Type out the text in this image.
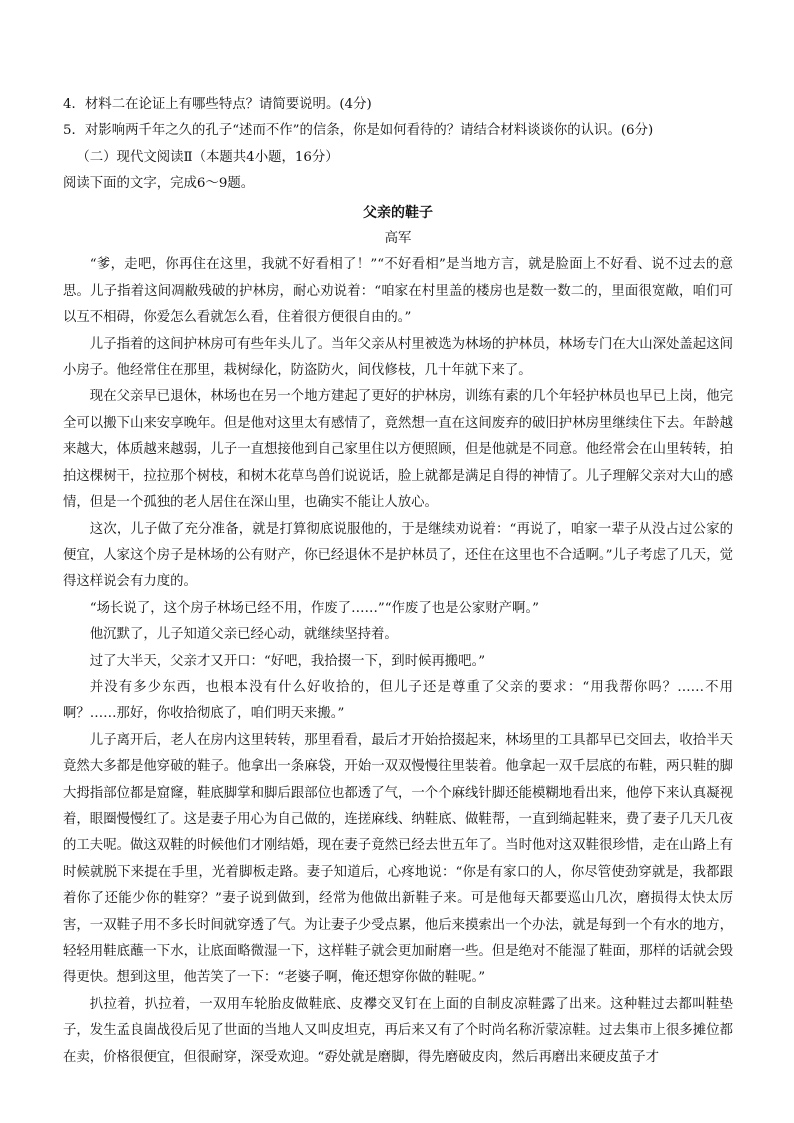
4．材料二在论证上有哪些特点？请简要说明。(4分)
5．对影响两千年之久的孔子“述而不作”的信条，你是如何看待的？请结合材料谈谈你的认识。(6分)
（二）现代文阅读Ⅱ（本题共4小题，16分）
阅读下面的文字，完成6～9题。
父亲的鞋子
高军
“爹，走吧，你再住在这里，我就不好看相了！”“不好看相”是当地方言，就是脸面上不好看、说不过去的意思。儿子指着这间凋敝残破的护林房，耐心劝说着：“咱家在村里盖的楼房也是数一数二的，里面很宽敞，咱们可以互不相碍，你爱怎么看就怎么看，住着很方便很自由的。”
儿子指着的这间护林房可有些年头儿了。当年父亲从村里被选为林场的护林员，林场专门在大山深处盖起这间小房子。他经常住在那里，栽树绿化，防盗防火，间伐修枝，几十年就下来了。
现在父亲早已退休，林场也在另一个地方建起了更好的护林房，训练有素的几个年轻护林员也早已上岗，他完全可以搬下山来安享晚年。但是他对这里太有感情了，竟然想一直在这间废弃的破旧护林房里继续住下去。年龄越来越大，体质越来越弱，儿子一直想接他到自己家里住以方便照顾，但是他就是不同意。他经常会在山里转转，拍拍这棵树干，拉拉那个树枝，和树木花草鸟兽们说说话，脸上就都是满足自得的神情了。儿子理解父亲对大山的感情，但是一个孤独的老人居住在深山里，也确实不能让人放心。
这次，儿子做了充分准备，就是打算彻底说服他的，于是继续劝说着：“再说了，咱家一辈子从没占过公家的便宜，人家这个房子是林场的公有财产，你已经退休不是护林员了，还住在这里也不合适啊。”儿子考虑了几天，觉得这样说会有力度的。
“场长说了，这个房子林场已经不用，作废了……”“作废了也是公家财产啊。”
他沉默了，儿子知道父亲已经心动，就继续坚持着。
过了大半天，父亲才又开口：“好吧，我拾掇一下，到时候再搬吧。”
并没有多少东西，也根本没有什么好收拾的，但儿子还是尊重了父亲的要求：“用我帮你吗？……不用啊？……那好，你收拾彻底了，咱们明天来搬。”
儿子离开后，老人在房内这里转转，那里看看，最后才开始拾掇起来，林场里的工具都早已交回去，收拾半天竟然大多都是他穿破的鞋子。他拿出一条麻袋，开始一双双慢慢往里装着。他拿起一双千层底的布鞋，两只鞋的脚大拇指部位都是窟窿，鞋底脚掌和脚后跟部位也都透了气，一个个麻线针脚还能模糊地看出来，他停下来认真凝视着，眼圈慢慢红了。这是妻子用心为自己做的，连搓麻线、纳鞋底、做鞋帮，一直到绱起鞋来，费了妻子几天几夜的工夫呢。做这双鞋的时候他们才刚结婚，现在妻子竟然已经去世五年了。当时他对这双鞋很珍惜，走在山路上有时候就脱下来提在手里，光着脚板走路。妻子知道后，心疼地说：“你是有家口的人，你尽管使劲穿就是，我都跟着你了还能少你的鞋穿？”妻子说到做到，经常为他做出新鞋子来。可是他每天都要巡山几次，磨损得太快太厉害，一双鞋子用不多长时间就穿透了气。为让妻子少受点累，他后来摸索出一个办法，就是每到一个有水的地方，轻轻用鞋底蘸一下水，让底面略微湿一下，这样鞋子就会更加耐磨一些。但是绝对不能湿了鞋面，那样的话就会毁得更快。想到这里，他苦笑了一下：“老婆子啊，俺还想穿你做的鞋呢。”
扒拉着，扒拉着，一双用车轮胎皮做鞋底、皮襻交叉钉在上面的自制皮凉鞋露了出来。这种鞋过去都叫鞋垫子，发生孟良崮战役后见了世面的当地人又叫皮坦克，再后来又有了个时尚名称沂蒙凉鞋。过去集市上很多摊位都在卖，价格很便宜，但很耐穿，深受欢迎。“孬处就是磨脚，得先磨破皮肉，然后再磨出来硬皮茧子才
